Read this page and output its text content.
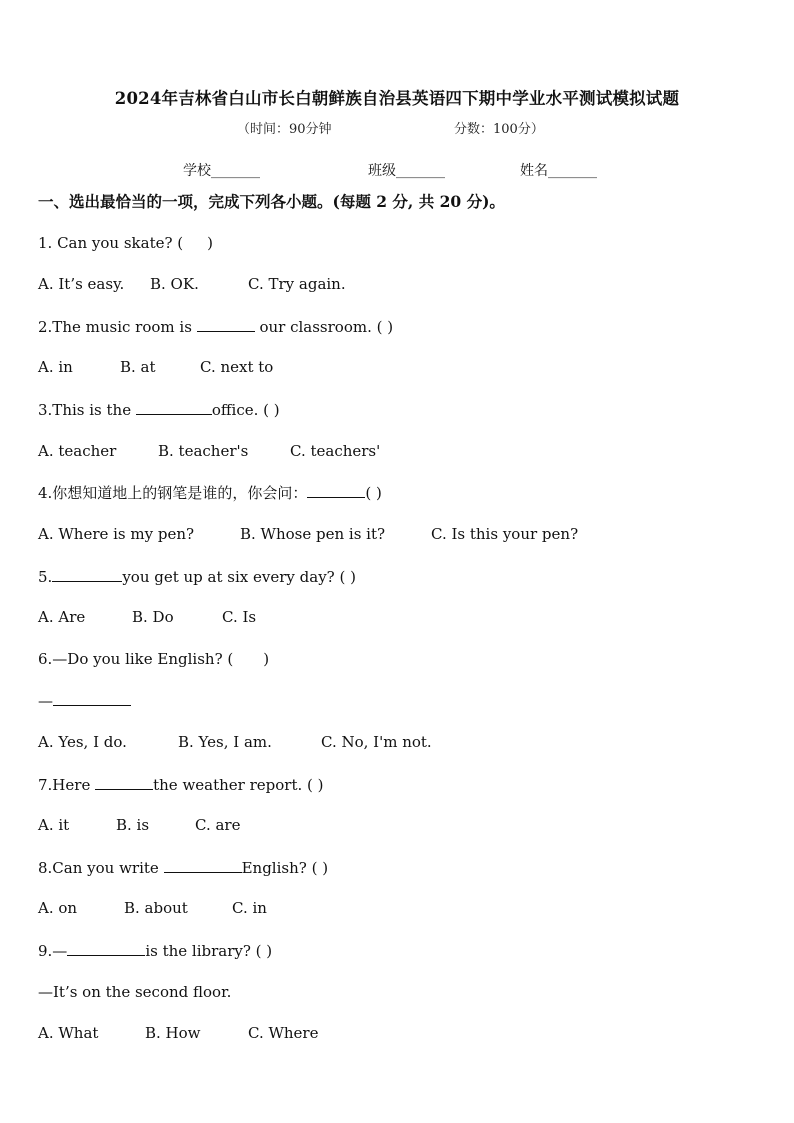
2024年吉林省白山市长白朝鲜族自治县英语四下期中学业水平测试模拟试题
（时间：90分钟	分数：100分）
学校_______	班级_______	姓名_______
一、选出最恰当的一项，完成下列各小题。(每题 2 分, 共 20 分)。
1. Can you skate? ( )
A. It’s easy. B. OK.	C. Try again.
2.The music room is	our classroom. ( )
A. in	B. at	C. next to
3.This is the	office. ( )
A. teacher	B. teacher's	C. teachers'
4.你想知道地上的钢笔是谁的，你会问：	( )
A. Where is my pen?	B. Whose pen is it?	C. Is this your pen?
5.	you get up at six every day? ( )
A. Are	B. Do	C. Is
6.—Do you like English? ( )
—
A. Yes, I do.	B. Yes, I am.	C. No, I'm not.
7.Here	the weather report. ( )
A. it	B. is	C. are
8.Can you write	English? ( )
A. on	B. about	C. in
9.—	is the library? ( )
—It’s on the second floor.
A. What	B. How	C. Where
